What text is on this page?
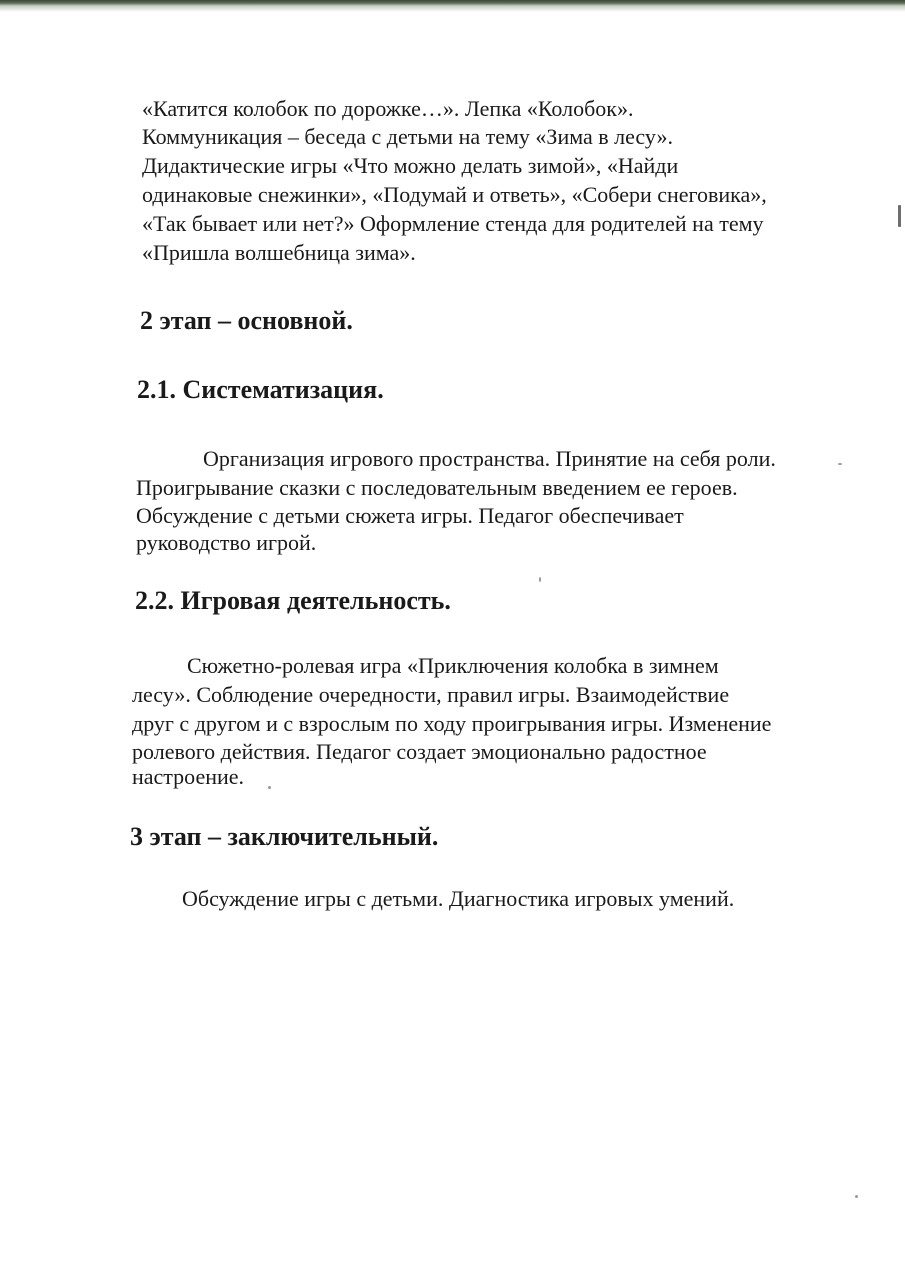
«Катится колобок по дорожке…». Лепка «Колобок».
Коммуникация – беседа с детьми на тему «Зима в лесу».
Дидактические игры «Что можно делать зимой», «Найди
одинаковые снежинки», «Подумай и ответь», «Собери снеговика»,
«Так бывает или нет?» Оформление стенда для родителей на тему
«Пришла волшебница зима».
2 этап – основной.
2.1. Систематизация.
Организация игрового пространства. Принятие на себя роли.
Проигрывание сказки с последовательным введением ее героев.
Обсуждение с детьми сюжета игры. Педагог обеспечивает
руководство игрой.
2.2. Игровая деятельность.
Сюжетно-ролевая игра «Приключения колобка в зимнем
лесу». Соблюдение очередности, правил игры. Взаимодействие
друг с другом и с взрослым по ходу проигрывания игры. Изменение
ролевого действия. Педагог создает эмоционально радостное
настроение.
3 этап – заключительный.
Обсуждение игры с детьми. Диагностика игровых умений.
